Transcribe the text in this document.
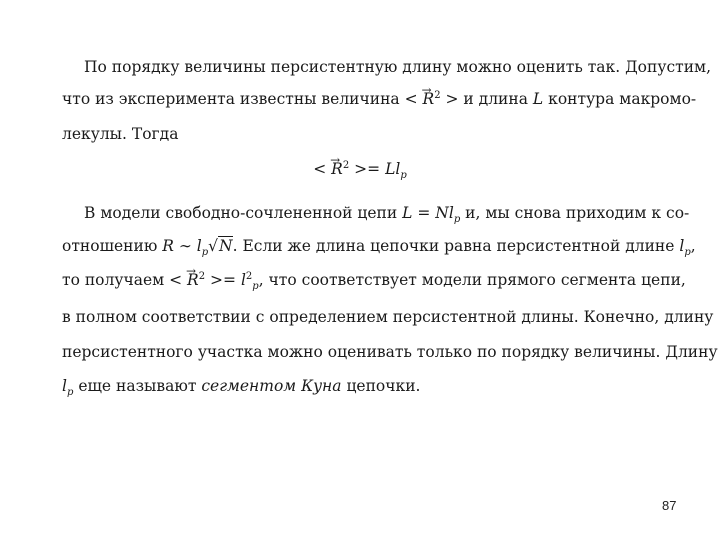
По порядку величины персистентную длину можно оценить так. Допустим,
что из эксперимента известны величина < → $R^2 > и$ длина L контура макромо-
лекулы. Тогда
< → $R^2 >= Ll_p$
В модели свободно-сочлененной цепи $L = Nl_p$ и, мы снова приходим к со-
отношению R ∼ $l_p√N$. Если же длина цепочки равна персистентной длине $l_p$,
то получаем < → $R^2 >= l^2_p$, что соответствует модели прямого сегмента цепи,
в полном соответствии с определением персистентной длины. Конечно, длину
персистентного участка можно оценивать только по порядку величины. Длину
$l_p$ еще называют сегментом Куна цепочки.
87
